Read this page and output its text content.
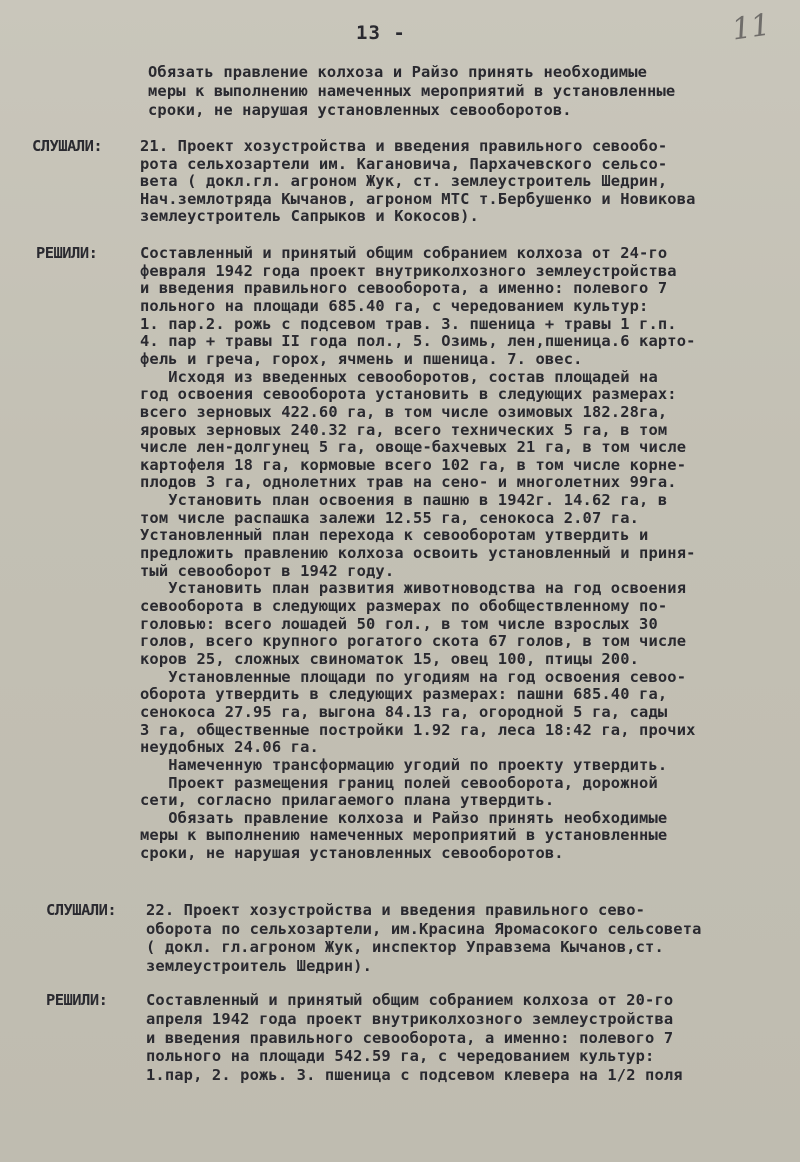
13 -	11
Обязать правление колхоза и Райзо принять необходимые
меры к выполнению намеченных мероприятий в установленные
сроки, не нарушая установленных севооборотов.
СЛУШАЛИ: 21. Проект хозустройства и введения правильного севообо-
рота сельхозартели им. Кагановича, Пархачевского сельсо-
вета ( докл.гл. агроном Жук, ст. землеустроитель Шедрин,
Нач.землотряда Кычанов, агроном МТС т.Бербушенко и Новикова
землеустроитель Сапрыков и Кокосов).
РЕШИЛИ:	Составленный и принятый общим собранием колхоза от 24-го
февраля 1942 года проект внутриколхозного землеустройства
и введения правильного севооборота, а именно: полевого 7
польного на площади 685.40 га, с чередованием культур:
1. пар.2. рожь с подсевом трав. 3. пшеница + травы 1 г.п.
4. пар + травы II года пол., 5. Озимь, лен,пшеница.6 карто-
фель и греча, горох, ячмень и пшеница. 7. овес.
Исходя из введенных севооборотов, состав площадей на
год освоения севооборота установить в следующих размерах:
всего зерновых 422.60 га, в том числе озимовых 182.28га,
яровых зерновых 240.32 га, всего технических 5 га, в том
числе лен-долгунец 5 га, овоще-бахчевых 21 га, в том числе
картофеля 18 га, кормовые всего 102 га, в том числе корне-
плодов 3 га, однолетних трав на сено- и многолетних 99га.
Установить план освоения в пашню в 1942г. 14.62 га, в
том числе распашка залежи 12.55 га, сенокоса 2.07 га.
Установленный план перехода к севооборотам утвердить и
предложить правлению колхоза освоить установленный и приня-
тый севооборот в 1942 году.
Установить план развития животноводства на год освоения
севооборота в следующих размерах по обобществленному по-
головью: всего лошадей 50 гол., в том числе взрослых 30
голов, всего крупного рогатого скота 67 голов, в том числе
коров 25, сложных свиноматок 15, овец 100, птицы 200.
Установленные площади по угодиям на год освоения севоо-
оборота утвердить в следующих размерах: пашни 685.40 га,
сенокоса 27.95 га, выгона 84.13 га, огородной 5 га, сады
3 га, общественные постройки 1.92 га, леса 18:42 га, прочих
неудобных 24.06 га.
Намеченную трансформацию угодий по проекту утвердить.
Проект размещения границ полей севооборота, дорожной
сети, согласно прилагаемого плана утвердить.
Обязать правление колхоза и Райзо принять необходимые
меры к выполнению намеченных мероприятий в установленные
сроки, не нарушая установленных севооборотов.
СЛУШАЛИ: 22. Проект хозустройства и введения правильного сево-
оборота по сельхозартели, им.Красина Яромасокого сельсовета
( докл. гл.агроном Жук, инспектор Управзема Кычанов,ст.
землеустроитель Шедрин).
РЕШИЛИ:	Составленный и принятый общим собранием колхоза от 20-го
апреля 1942 года проект внутриколхозного землеустройства
и введения правильного севооборота, а именно: полевого 7
польного на площади 542.59 га, с чередованием культур:
1.пар, 2. рожь. 3. пшеница с подсевом клевера на 1/2 поля
